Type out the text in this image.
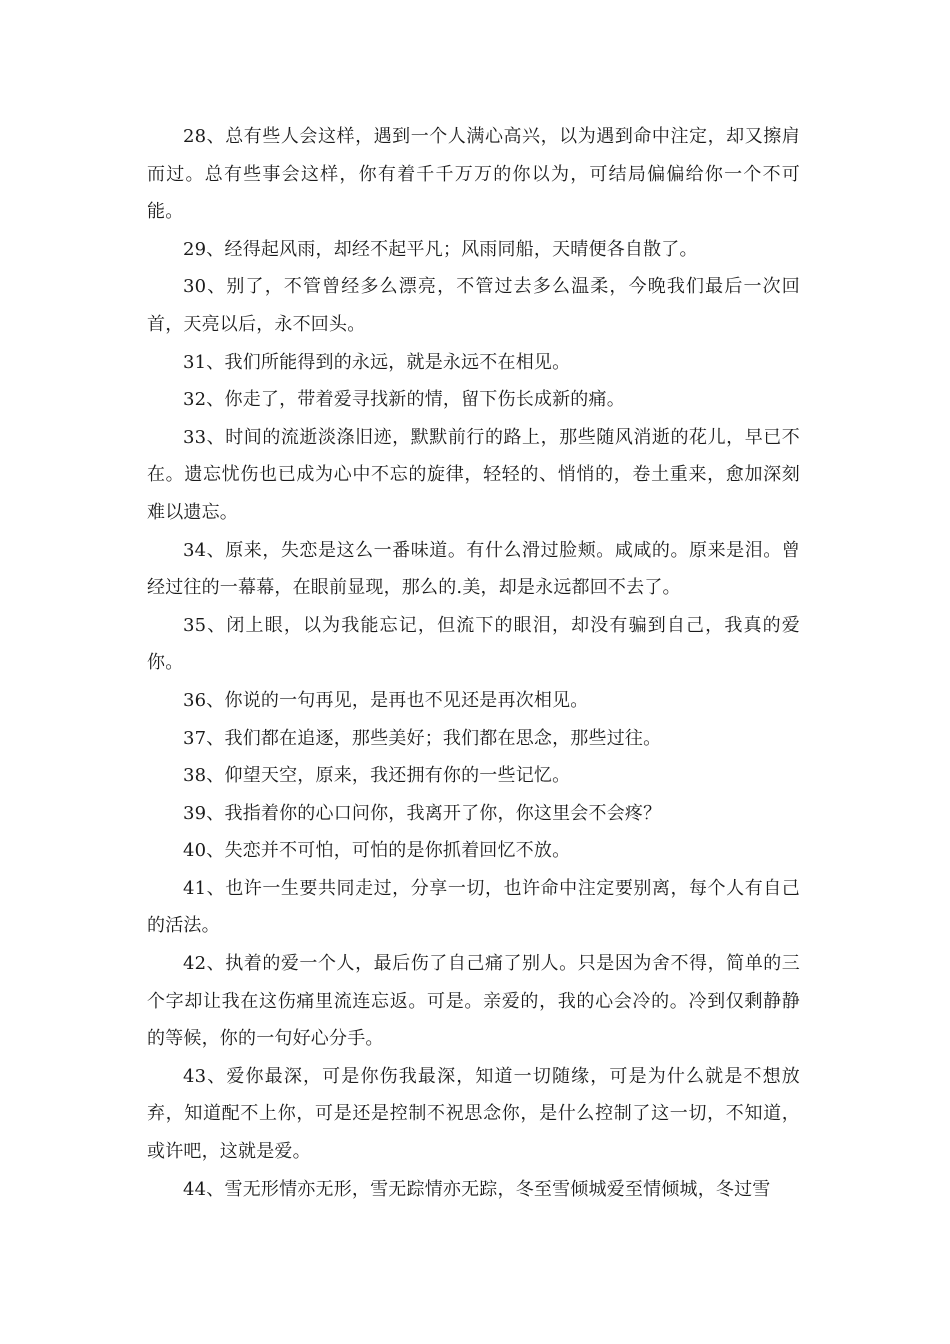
28、总有些人会这样，遇到一个人满心高兴，以为遇到命中注定，却又擦肩而过。总有些事会这样，你有着千千万万的你以为，可结局偏偏给你一个不可能。

29、经得起风雨，却经不起平凡；风雨同船，天晴便各自散了。

30、别了，不管曾经多么漂亮，不管过去多么温柔，今晚我们最后一次回首，天亮以后，永不回头。

31、我们所能得到的永远，就是永远不在相见。

32、你走了，带着爱寻找新的情，留下伤长成新的痛。

33、时间的流逝淡涤旧迹，默默前行的路上，那些随风消逝的花儿，早已不在。遗忘忧伤也已成为心中不忘的旋律，轻轻的、悄悄的，卷土重来，愈加深刻难以遗忘。

34、原来，失恋是这么一番味道。有什么滑过脸颊。咸咸的。原来是泪。曾经过往的一幕幕，在眼前显现，那么的.美，却是永远都回不去了。

35、闭上眼，以为我能忘记，但流下的眼泪，却没有骗到自己，我真的爱你。

36、你说的一句再见，是再也不见还是再次相见。

37、我们都在追逐，那些美好；我们都在思念，那些过往。

38、仰望天空，原来，我还拥有你的一些记忆。

39、我指着你的心口问你，我离开了你，你这里会不会疼？

40、失恋并不可怕，可怕的是你抓着回忆不放。

41、也许一生要共同走过，分享一切，也许命中注定要别离，每个人有自己的活法。

42、执着的爱一个人，最后伤了自己痛了别人。只是因为舍不得，简单的三个字却让我在这伤痛里流连忘返。可是。亲爱的，我的心会冷的。冷到仅剩静静的等候，你的一句好心分手。

43、爱你最深，可是你伤我最深，知道一切随缘，可是为什么就是不想放弃，知道配不上你，可是还是控制不祝思念你，是什么控制了这一切，不知道，或许吧，这就是爱。

44、雪无形情亦无形，雪无踪情亦无踪，冬至雪倾城爱至情倾城，冬过雪
